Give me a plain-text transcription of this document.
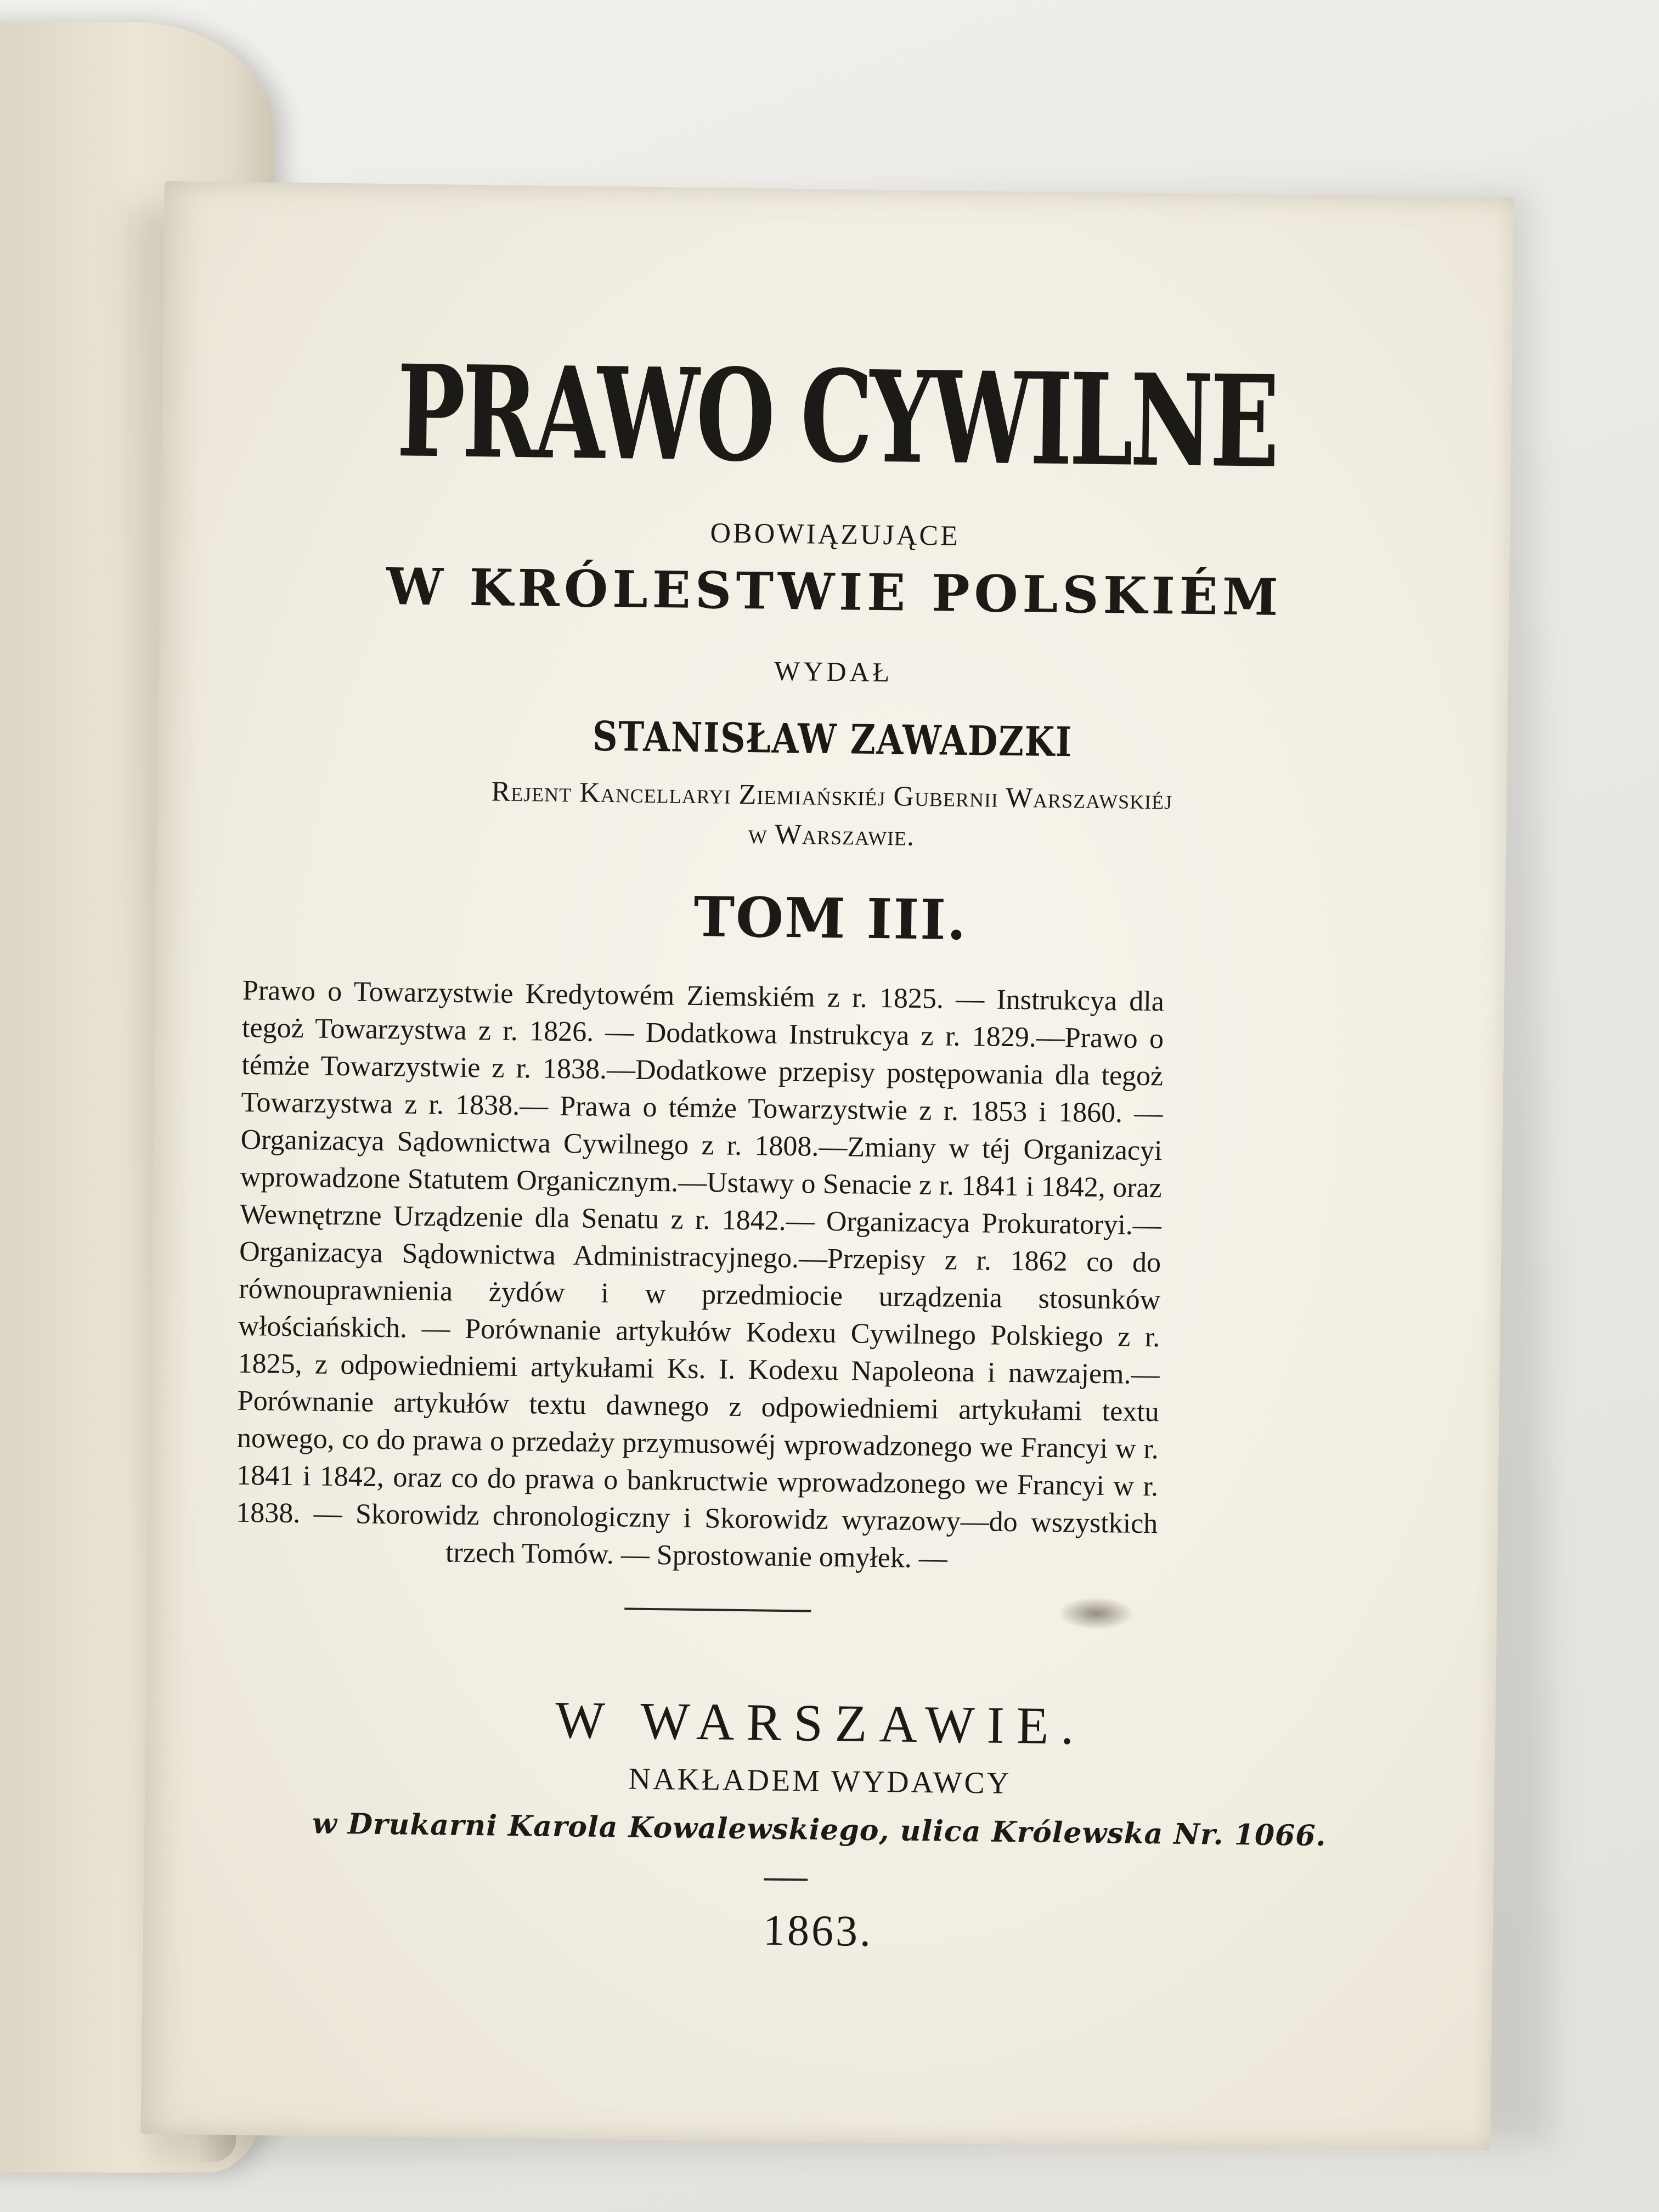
PRAWO CYWILNE
OBOWIĄZUJĄCE
W KRÓLESTWIE POLSKIÉM
WYDAŁ
STANISŁAW ZAWADZKI
Rejent Kancellaryi Ziemiańskiéj Gubernii Warszawskiéj
w Warszawie.
TOM III.
Prawo o Towarzystwie Kredytowém Ziemskiém z r. 1825. — Instrukcya dla tegoż Towarzystwa z r. 1826. — Dodatkowa Instrukcya z r. 1829.—Prawo o témże Towarzystwie z r. 1838.—Dodatkowe przepisy postępowania dla tegoż Towarzystwa z r. 1838.— Prawa o témże Towarzystwie z r. 1853 i 1860. — Organizacya Sądownictwa Cywilnego z r. 1808.—Zmiany w téj Organizacyi wprowadzone Statutem Organicznym.—Ustawy o Senacie z r. 1841 i 1842, oraz Wewnętrzne Urządzenie dla Senatu z r. 1842.— Organizacya Prokuratoryi.— Organizacya Sądownictwa Administracyjnego.—Przepisy z r. 1862 co do równouprawnienia żydów i w przedmiocie urządzenia stosunków włościańskich. — Porównanie artykułów Kodexu Cywilnego Polskiego z r. 1825, z odpowiedniemi artykułami Ks. I. Kodexu Napoleona i nawzajem.—Porównanie artykułów textu dawnego z odpowiedniemi artykułami textu nowego, co do prawa o przedaży przymusowéj wprowadzonego we Francyi w r. 1841 i 1842, oraz co do prawa o bankructwie wprowadzonego we Francyi w r. 1838. — Skorowidz chronologiczny i Skorowidz wyrazowy—do wszystkich trzech Tomów. — Sprostowanie omyłek. —
W WARSZAWIE.
NAKŁADEM WYDAWCY
w Drukarni Karola Kowalewskiego, ulica Królewska Nr. 1066.
1863.
